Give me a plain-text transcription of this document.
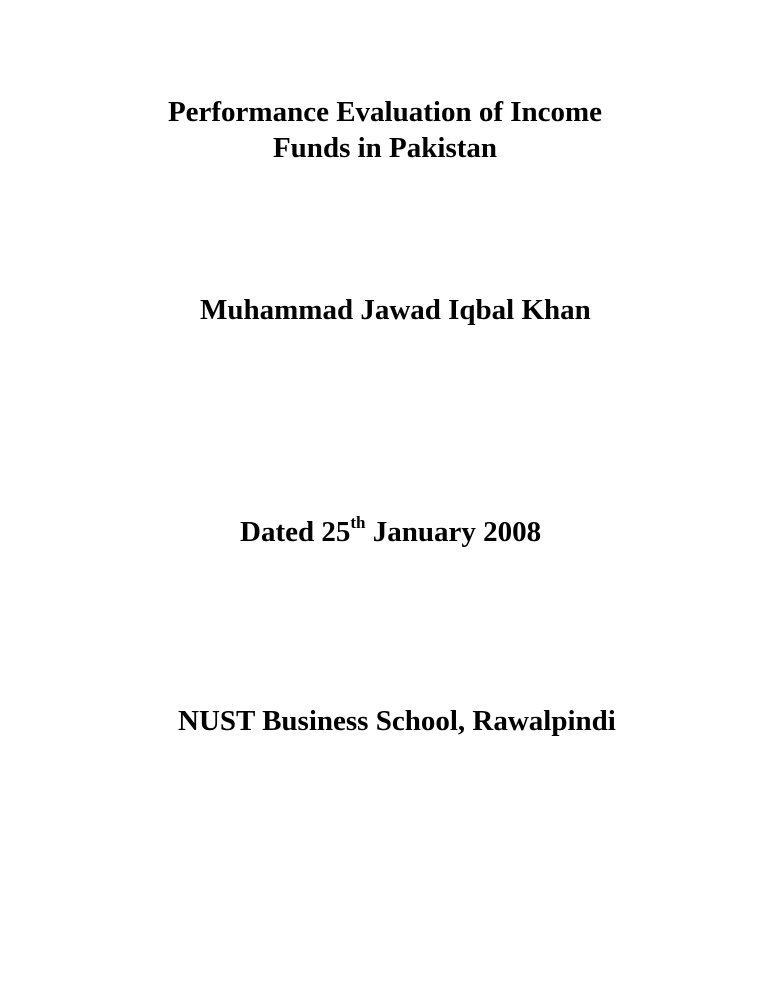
Performance Evaluation of Income
Funds in Pakistan
Muhammad Jawad Iqbal Khan
Dated 25th January 2008
NUST Business School, Rawalpindi
